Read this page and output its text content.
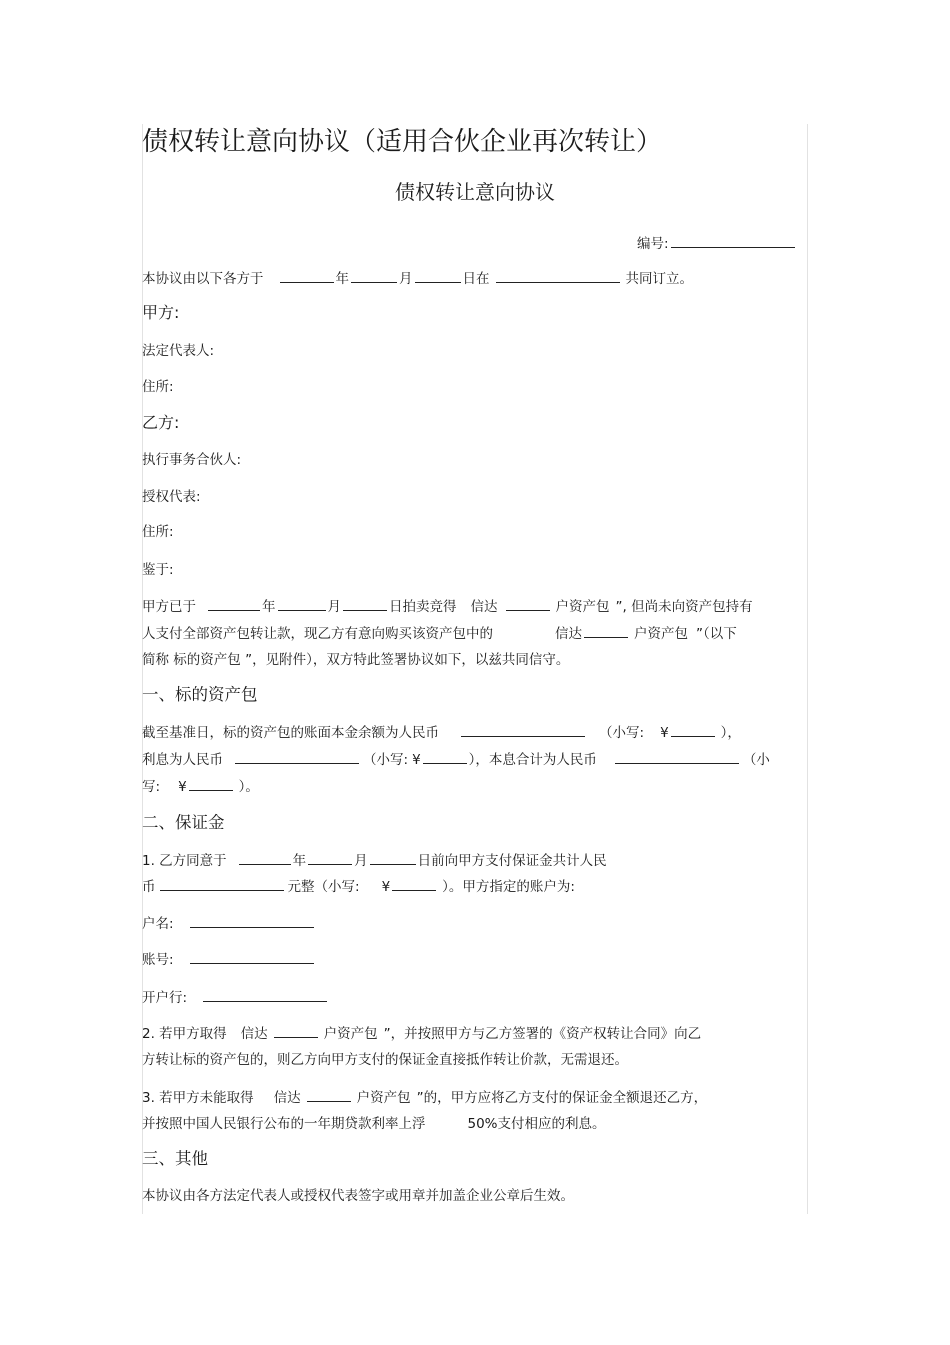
债权转让意向协议（适用合伙企业再次转让）
债权转让意向协议
编号:
本协议由以下各方于	年	月	日在	共同订立。
甲方:
法定代表人:
住所:
乙方:
执行事务合伙人:
授权代表:
住所:
鉴于:
甲方已于	年	月	日拍卖竞得 信达	户资产包 ”, 但尚未向资产包持有
人支付全部资产包转让款，现乙方有意向购买该资产包中的	信达	户资产包 ”（以下
简称 标的资产包 ”，见附件），双方特此签署协议如下，以兹共同信守。
一、标的资产包
截至基准日，标的资产包的账面本金余额为人民币	（小写: ¥	），
利息为人民币	（小写: ¥	），本息合计为人民币	（小
写: ¥	）。
二、保证金
1. 乙方同意于	年	月	日前向甲方支付保证金共计人民
币	元整（小写: ¥	）。甲方指定的账户为:
户名:
账号:
开户行:
2. 若甲方取得 信达	户资产包 ”，并按照甲方与乙方签署的《资产权转让合同》向乙
方转让标的资产包的，则乙方向甲方支付的保证金直接抵作转让价款，无需退还。
3. 若甲方未能取得 信达	户资产包 ”的，甲方应将乙方支付的保证金全额退还乙方，
并按照中国人民银行公布的一年期贷款利率上浮	50%支付相应的利息。
三、其他
本协议由各方法定代表人或授权代表签字或用章并加盖企业公章后生效。
